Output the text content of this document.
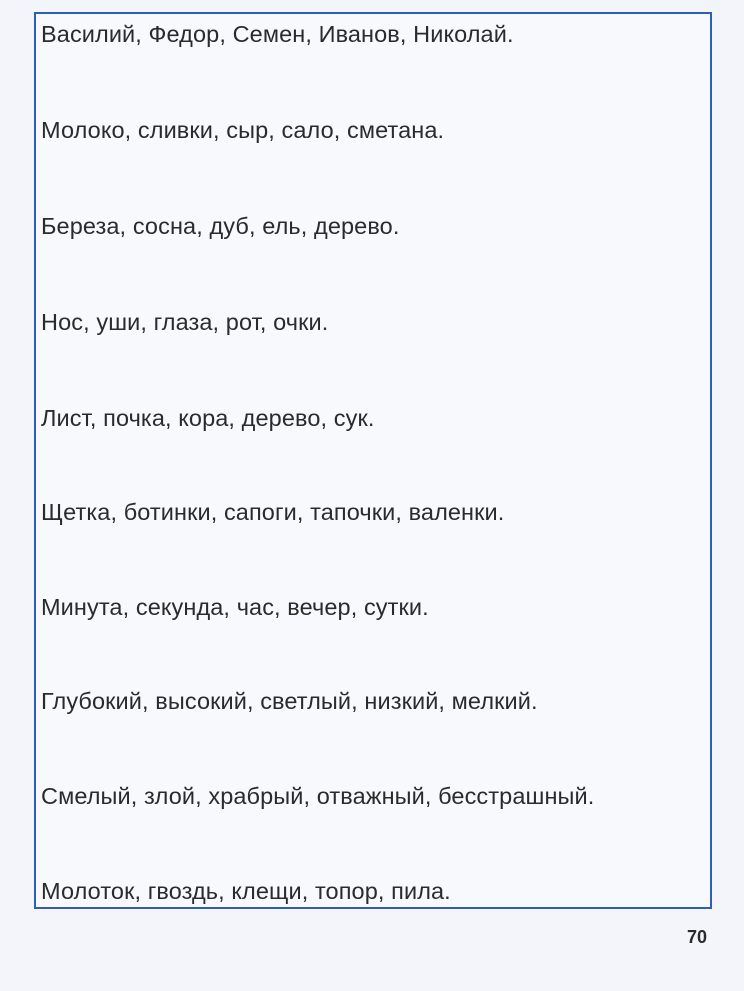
Василий, Федор, Семен, Иванов, Николай.
Молоко, сливки, сыр, сало, сметана.
Береза, сосна, дуб, ель, дерево.
Нос, уши, глаза, рот, очки.
Лист, почка, кора, дерево, сук.
Щетка, ботинки, сапоги, тапочки, валенки.
Минута, секунда, час, вечер, сутки.
Глубокий, высокий, светлый, низкий, мелкий.
Смелый, злой, храбрый, отважный, бесстрашный.
Молоток, гвоздь, клещи, топор, пила.
70
